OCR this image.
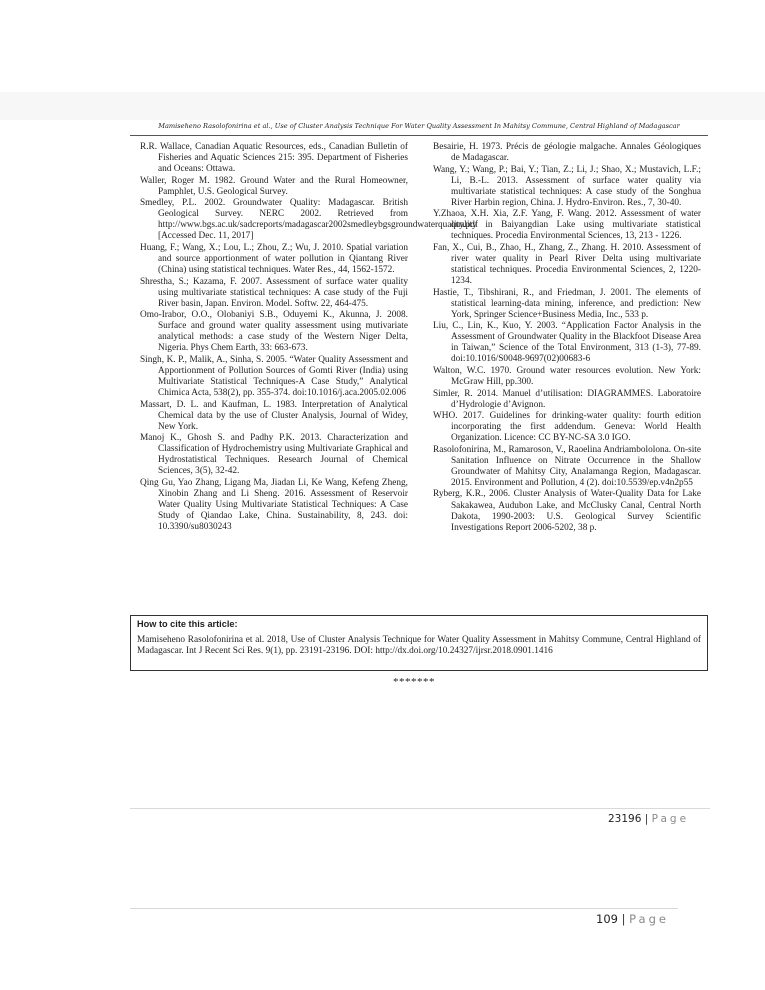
Mamiseheno Rasolofonirina et al., Use of Cluster Analysis Technique For Water Quality Assessment In Mahitsy Commune, Central Highland of Madagascar

R.R. Wallace, Canadian Aquatic Resources, eds., Canadian Bulletin of Fisheries and Aquatic Sciences 215: 395. Department of Fisheries and Oceans: Ottawa.

Waller, Roger M. 1982. Ground Water and the Rural Homeowner, Pamphlet, U.S. Geological Survey.

Smedley, P.L. 2002. Groundwater Quality: Madagascar. British Geological Survey. NERC 2002. Retrieved from http://www.bgs.ac.uk/sadcreports/madagascar2002smedleybgsgroundwaterquality.pdf [Accessed Dec. 11, 2017]

Huang, F.; Wang, X.; Lou, L.; Zhou, Z.; Wu, J. 2010. Spatial variation and source apportionment of water pollution in Qiantang River (China) using statistical techniques. Water Res., 44, 1562-1572.

Shrestha, S.; Kazama, F. 2007. Assessment of surface water quality using multivariate statistical techniques: A case study of the Fuji River basin, Japan. Environ. Model. Softw. 22, 464-475.

Omo-Irabor, O.O., Olobaniyi S.B., Oduyemi K., Akunna, J. 2008. Surface and ground water quality assessment using mutivariate analytical methods: a case study of the Western Niger Delta, Nigeria. Phys Chem Earth, 33: 663-673.

Singh, K. P., Malik, A., Sinha, S. 2005. “Water Quality Assessment and Apportionment of Pollution Sources of Gomti River (India) using Multivariate Statistical Techniques-A Case Study,” Analytical Chimica Acta, 538(2), pp. 355-374. doi:10.1016/j.aca.2005.02.006

Massart, D. L. and Kaufman, L. 1983. Interpretation of Analytical Chemical data by the use of Cluster Analysis, Journal of Widey, New York.

Manoj K., Ghosh S. and Padhy P.K. 2013. Characterization and Classification of Hydrochemistry using Multivariate Graphical and Hydrostatistical Techniques. Research Journal of Chemical Sciences, 3(5), 32-42.

Qing Gu, Yao Zhang, Ligang Ma, Jiadan Li, Ke Wang, Kefeng Zheng, Xinobin Zhang and Li Sheng. 2016. Assessment of Reservoir Water Quality Using Multivariate Statistical Techniques: A Case Study of Qiandao Lake, China. Sustainability, 8, 243. doi: 10.3390/su8030243

Besairie, H. 1973. Précis de géologie malgache. Annales Géologiques de Madagascar.

Wang, Y.; Wang, P.; Bai, Y.; Tian, Z.; Li, J.; Shao, X.; Mustavich, L.F.; Li, B.-L. 2013. Assessment of surface water quality via multivariate statistical techniques: A case study of the Songhua River Harbin region, China. J. Hydro-Environ. Res., 7, 30-40.

Y.Zhaoa, X.H. Xia, Z.F. Yang, F. Wang. 2012. Assessment of water quality in Baiyangdian Lake using multivariate statistical techniques. Procedia Environmental Sciences, 13, 213 - 1226.

Fan, X., Cui, B., Zhao, H., Zhang, Z., Zhang. H. 2010. Assessment of river water quality in Pearl River Delta using multivariate statistical techniques. Procedia Environmental Sciences, 2, 1220-1234.

Hastie, T., Tibshirani, R., and Friedman, J. 2001. The elements of statistical learning-data mining, inference, and prediction: New York, Springer Science+Business Media, Inc., 533 p.

Liu, C., Lin, K., Kuo, Y. 2003. “Application Factor Analysis in the Assessment of Groundwater Quality in the Blackfoot Disease Area in Taiwan,” Science of the Total Environment, 313 (1-3), 77-89. doi:10.1016/S0048-9697(02)00683-6

Walton, W.C. 1970. Ground water resources evolution. New York: McGraw Hill, pp.300.

Simler, R. 2014. Manuel d’utilisation: DIAGRAMMES. Laboratoire d’Hydrologie d’Avignon.

WHO. 2017. Guidelines for drinking-water quality: fourth edition incorporating the first addendum. Geneva: World Health Organization. Licence: CC BY-NC-SA 3.0 IGO.

Rasolofonirina, M., Ramaroson, V., Raoelina Andriambololona. On-site Sanitation Influence on Nitrate Occurrence in the Shallow Groundwater of Mahitsy City, Analamanga Region, Madagascar. 2015. Environment and Pollution, 4 (2). doi:10.5539/ep.v4n2p55

Ryberg, K.R., 2006. Cluster Analysis of Water-Quality Data for Lake Sakakawea, Audubon Lake, and McClusky Canal, Central North Dakota, 1990-2003: U.S. Geological Survey Scientific Investigations Report 2006-5202, 38 p.

How to cite this article:
Mamiseheno Rasolofonirina et al. 2018, Use of Cluster Analysis Technique for Water Quality Assessment in Mahitsy Commune, Central Highland of Madagascar. Int J Recent Sci Res. 9(1), pp. 23191-23196. DOI: http://dx.doi.org/10.24327/ijrsr.2018.0901.1416
*******
23196 | Page
109 | Page
